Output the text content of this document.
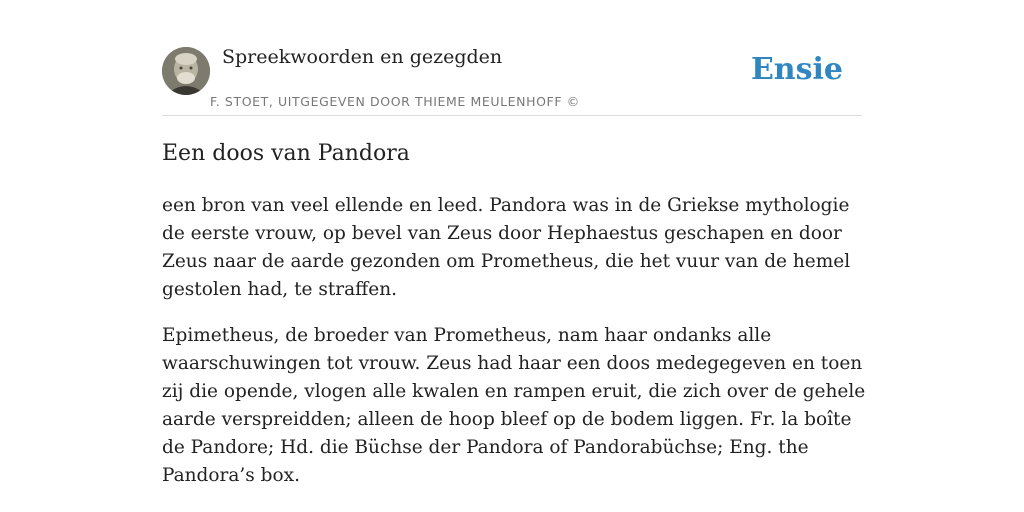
Spreekwoorden en gezegden
F. STOET, UITGEGEVEN DOOR THIEME MEULENHOFF ©
Ensie
Een doos van Pandora

een bron van veel ellende en leed. Pandora was in de Griekse mythologie de eerste vrouw, op bevel van Zeus door Hephaestus geschapen en door Zeus naar de aarde gezonden om Prometheus, die het vuur van de hemel gestolen had, te straffen.

Epimetheus, de broeder van Prometheus, nam haar ondanks alle waarschuwingen tot vrouw. Zeus had haar een doos medegegeven en toen zij die opende, vlogen alle kwalen en rampen eruit, die zich over de gehele aarde verspreidden; alleen de hoop bleef op de bodem liggen. Fr. la boîte de Pandore; Hd. die Büchse der Pandora of Pandorabüchse; Eng. the Pandora’s box.
